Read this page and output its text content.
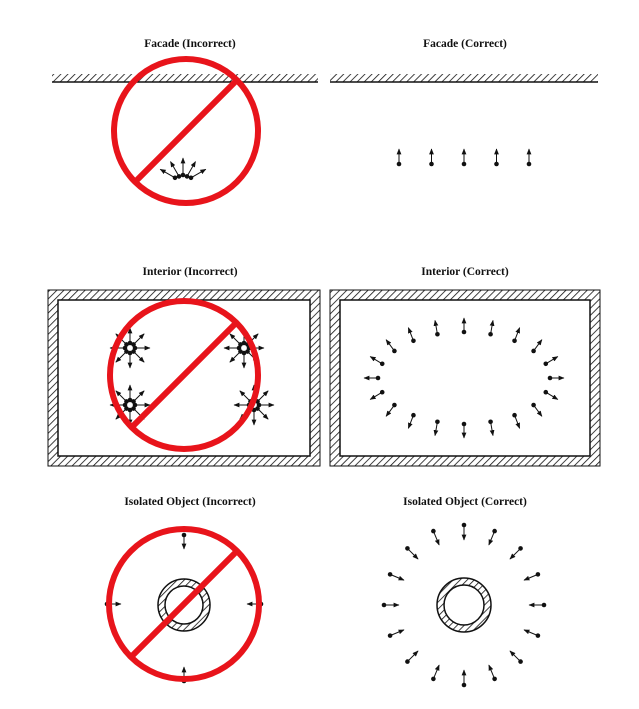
Facade (Incorrect)	Facade (Correct)
Interior (Incorrect)	Interior (Correct)
Isolated Object (Incorrect)	Isolated Object (Correct)
